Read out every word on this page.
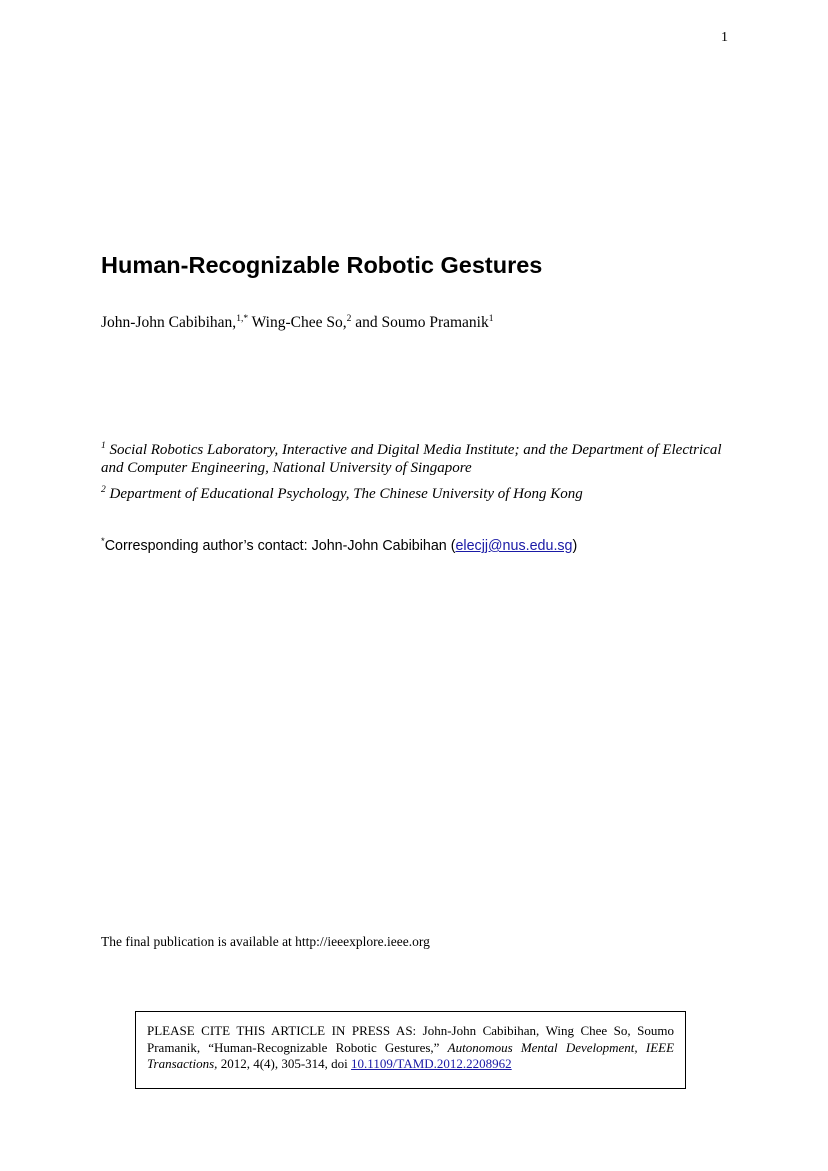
1
Human-Recognizable Robotic Gestures
John-John Cabibihan,$^{1,*}$ Wing-Chee So,$^2$ and Soumo Pramanik$^1$

$^1$ Social Robotics Laboratory, Interactive and Digital Media Institute; and the Department of Electrical and Computer Engineering, National University of Singapore

$^2$ Department of Educational Psychology, The Chinese University of Hong Kong

*Corresponding author’s contact: John-John Cabibihan (elecjj@nus.edu.sg)
The final publication is available at http://ieeexplore.ieee.org
PLEASE CITE THIS ARTICLE IN PRESS AS: John-John Cabibihan, Wing Chee So, Soumo Pramanik, “Human-Recognizable Robotic Gestures,” Autonomous Mental Development, IEEE Transactions, 2012, 4(4), 305-314, doi 10.1109/TAMD.2012.2208962
